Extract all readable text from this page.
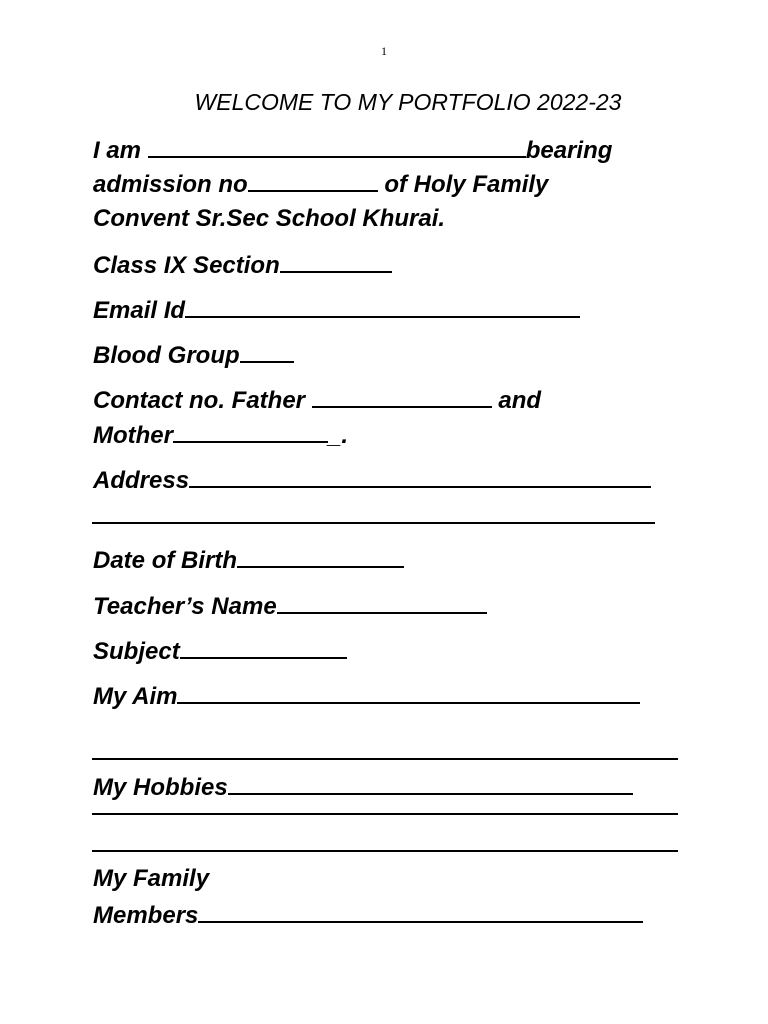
1
WELCOME TO MY PORTFOLIO 2022-23
I am	bearing
admission no	of Holy Family
Convent Sr.Sec School Khurai.
Class IX Section
Email Id
Blood Group
Contact no. Father	and
Mother	_.
Address
Date of Birth
Teacher’s Name
Subject
My Aim
My Hobbies
My Family
Members
